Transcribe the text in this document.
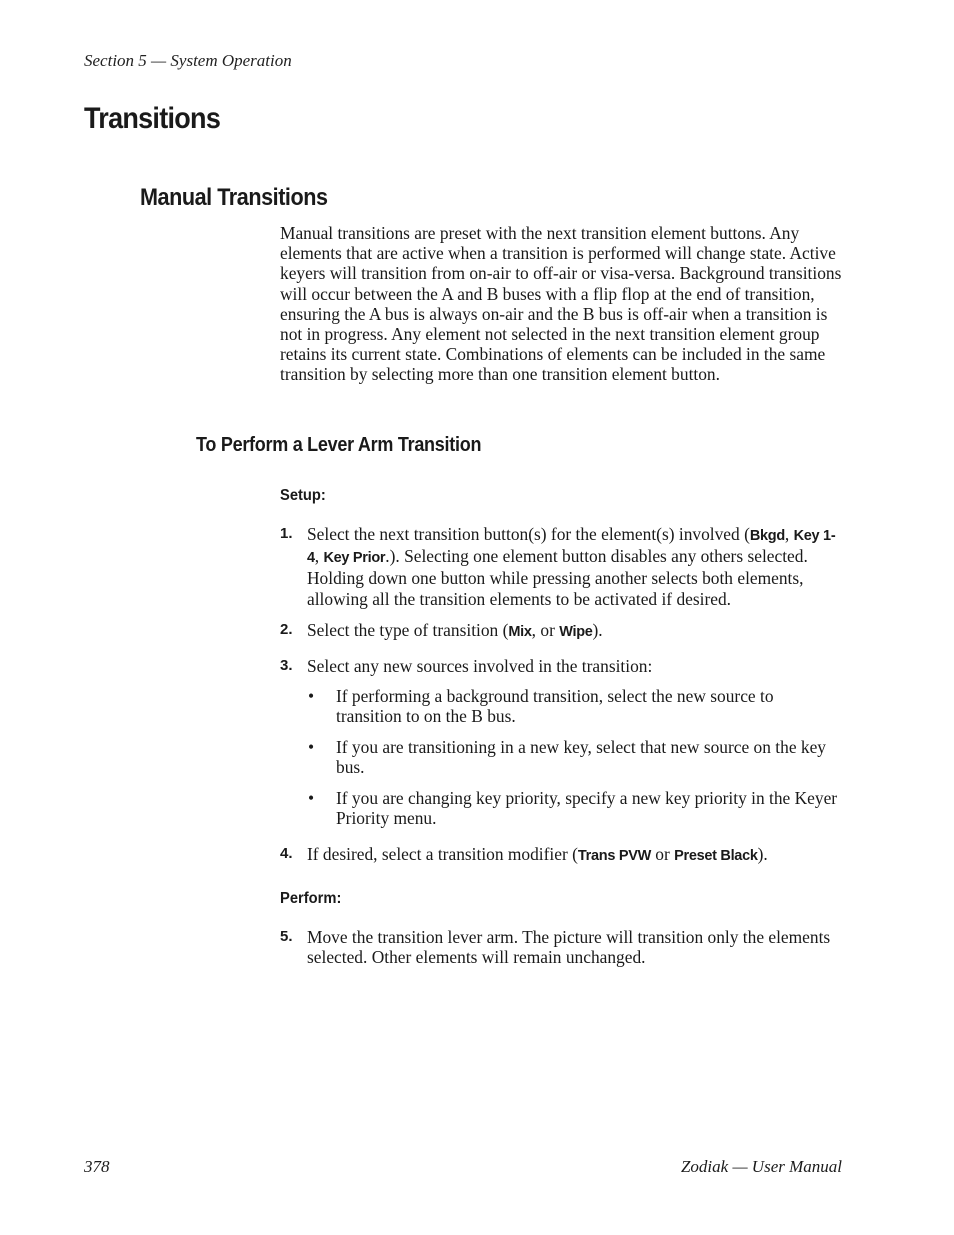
Section 5 — System Operation
Transitions
Manual Transitions

Manual transitions are preset with the next transition element buttons. Any elements that are active when a transition is performed will change state. Active keyers will transition from on-air to off-air or visa-versa. Background transitions will occur between the A and B buses with a flip flop at the end of transition, ensuring the A bus is always on-air and the B bus is off-air when a transition is not in progress. Any element not selected in the next transition element group retains its current state. Combinations of elements can be included in the same transition by selecting more than one transition element button.

To Perform a Lever Arm Transition
Setup:
1. Select the next transition button(s) for the element(s) involved (Bkgd, Key 1-4, Key Prior.). Selecting one element button disables any others selected. Holding down one button while pressing another selects both elements, allowing all the transition elements to be activated if desired.

2. Select the type of transition (Mix, or Wipe).

3. Select any new sources involved in the transition:

• If performing a background transition, select the new source to transition to on the B bus.

• If you are transitioning in a new key, select that new source on the key bus.

• If you are changing key priority, specify a new key priority in the Keyer Priority menu.

4. If desired, select a transition modifier (Trans PVW or Preset Black).

Perform:
5. Move the transition lever arm. The picture will transition only the elements selected. Other elements will remain unchanged.

378	Zodiak — User Manual
